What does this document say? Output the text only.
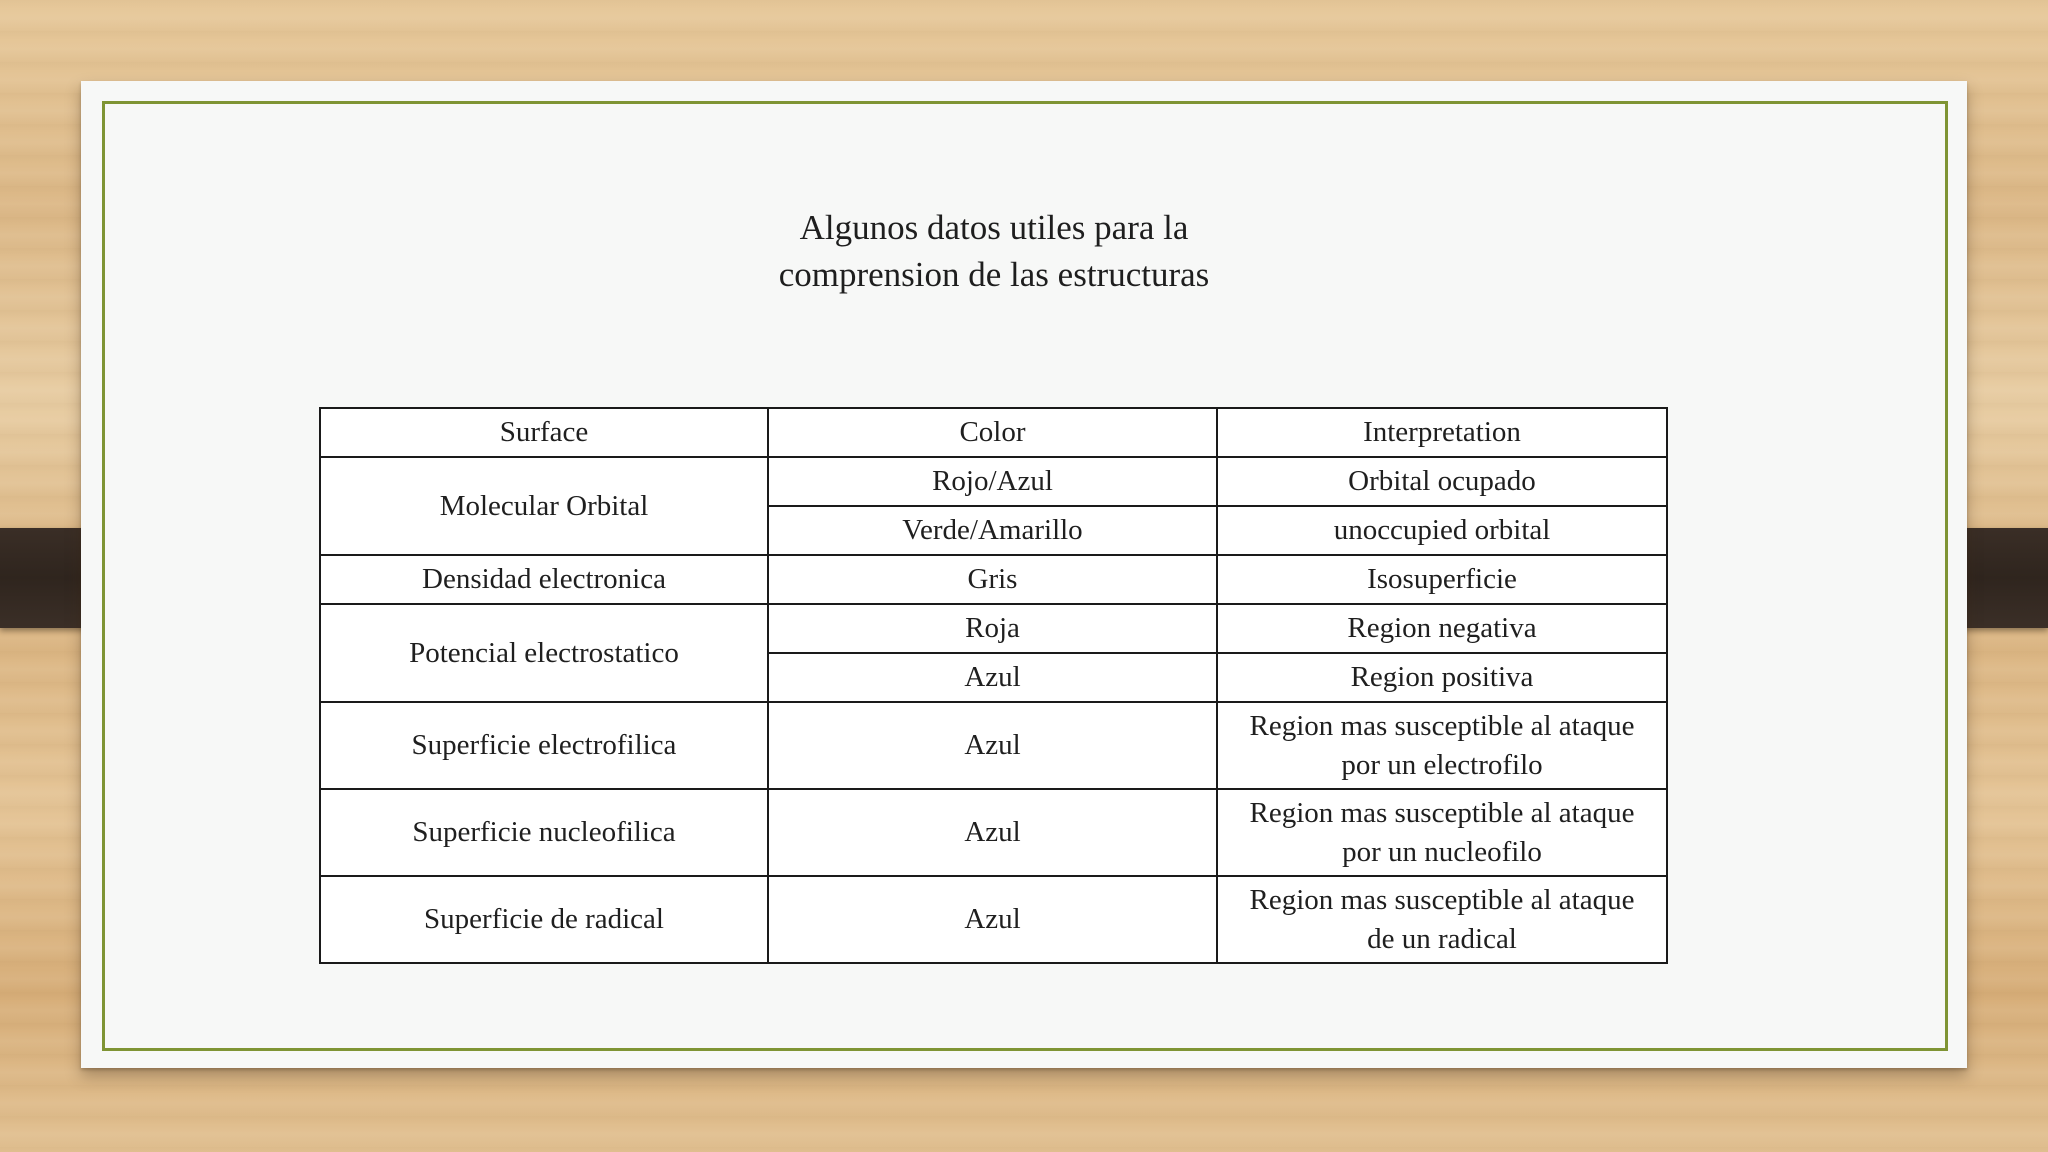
Algunos datos utiles para la
comprension de las estructuras
Surface	Color	Interpretation
Molecular Orbital	Rojo/Azul	Orbital ocupado
	Verde/Amarillo	unoccupied orbital
Densidad electronica	Gris	Isosuperficie
Potencial electrostatico	Roja	Region negativa
	Azul	Region positiva
Superficie electrofilica	Azul	Region mas susceptible al ataque
por un electrofilo

Superficie nucleofilica	Azul	Region mas susceptible al ataque
por un nucleofilo

Superficie de radical	Azul	Region mas susceptible al ataque
de un radical
